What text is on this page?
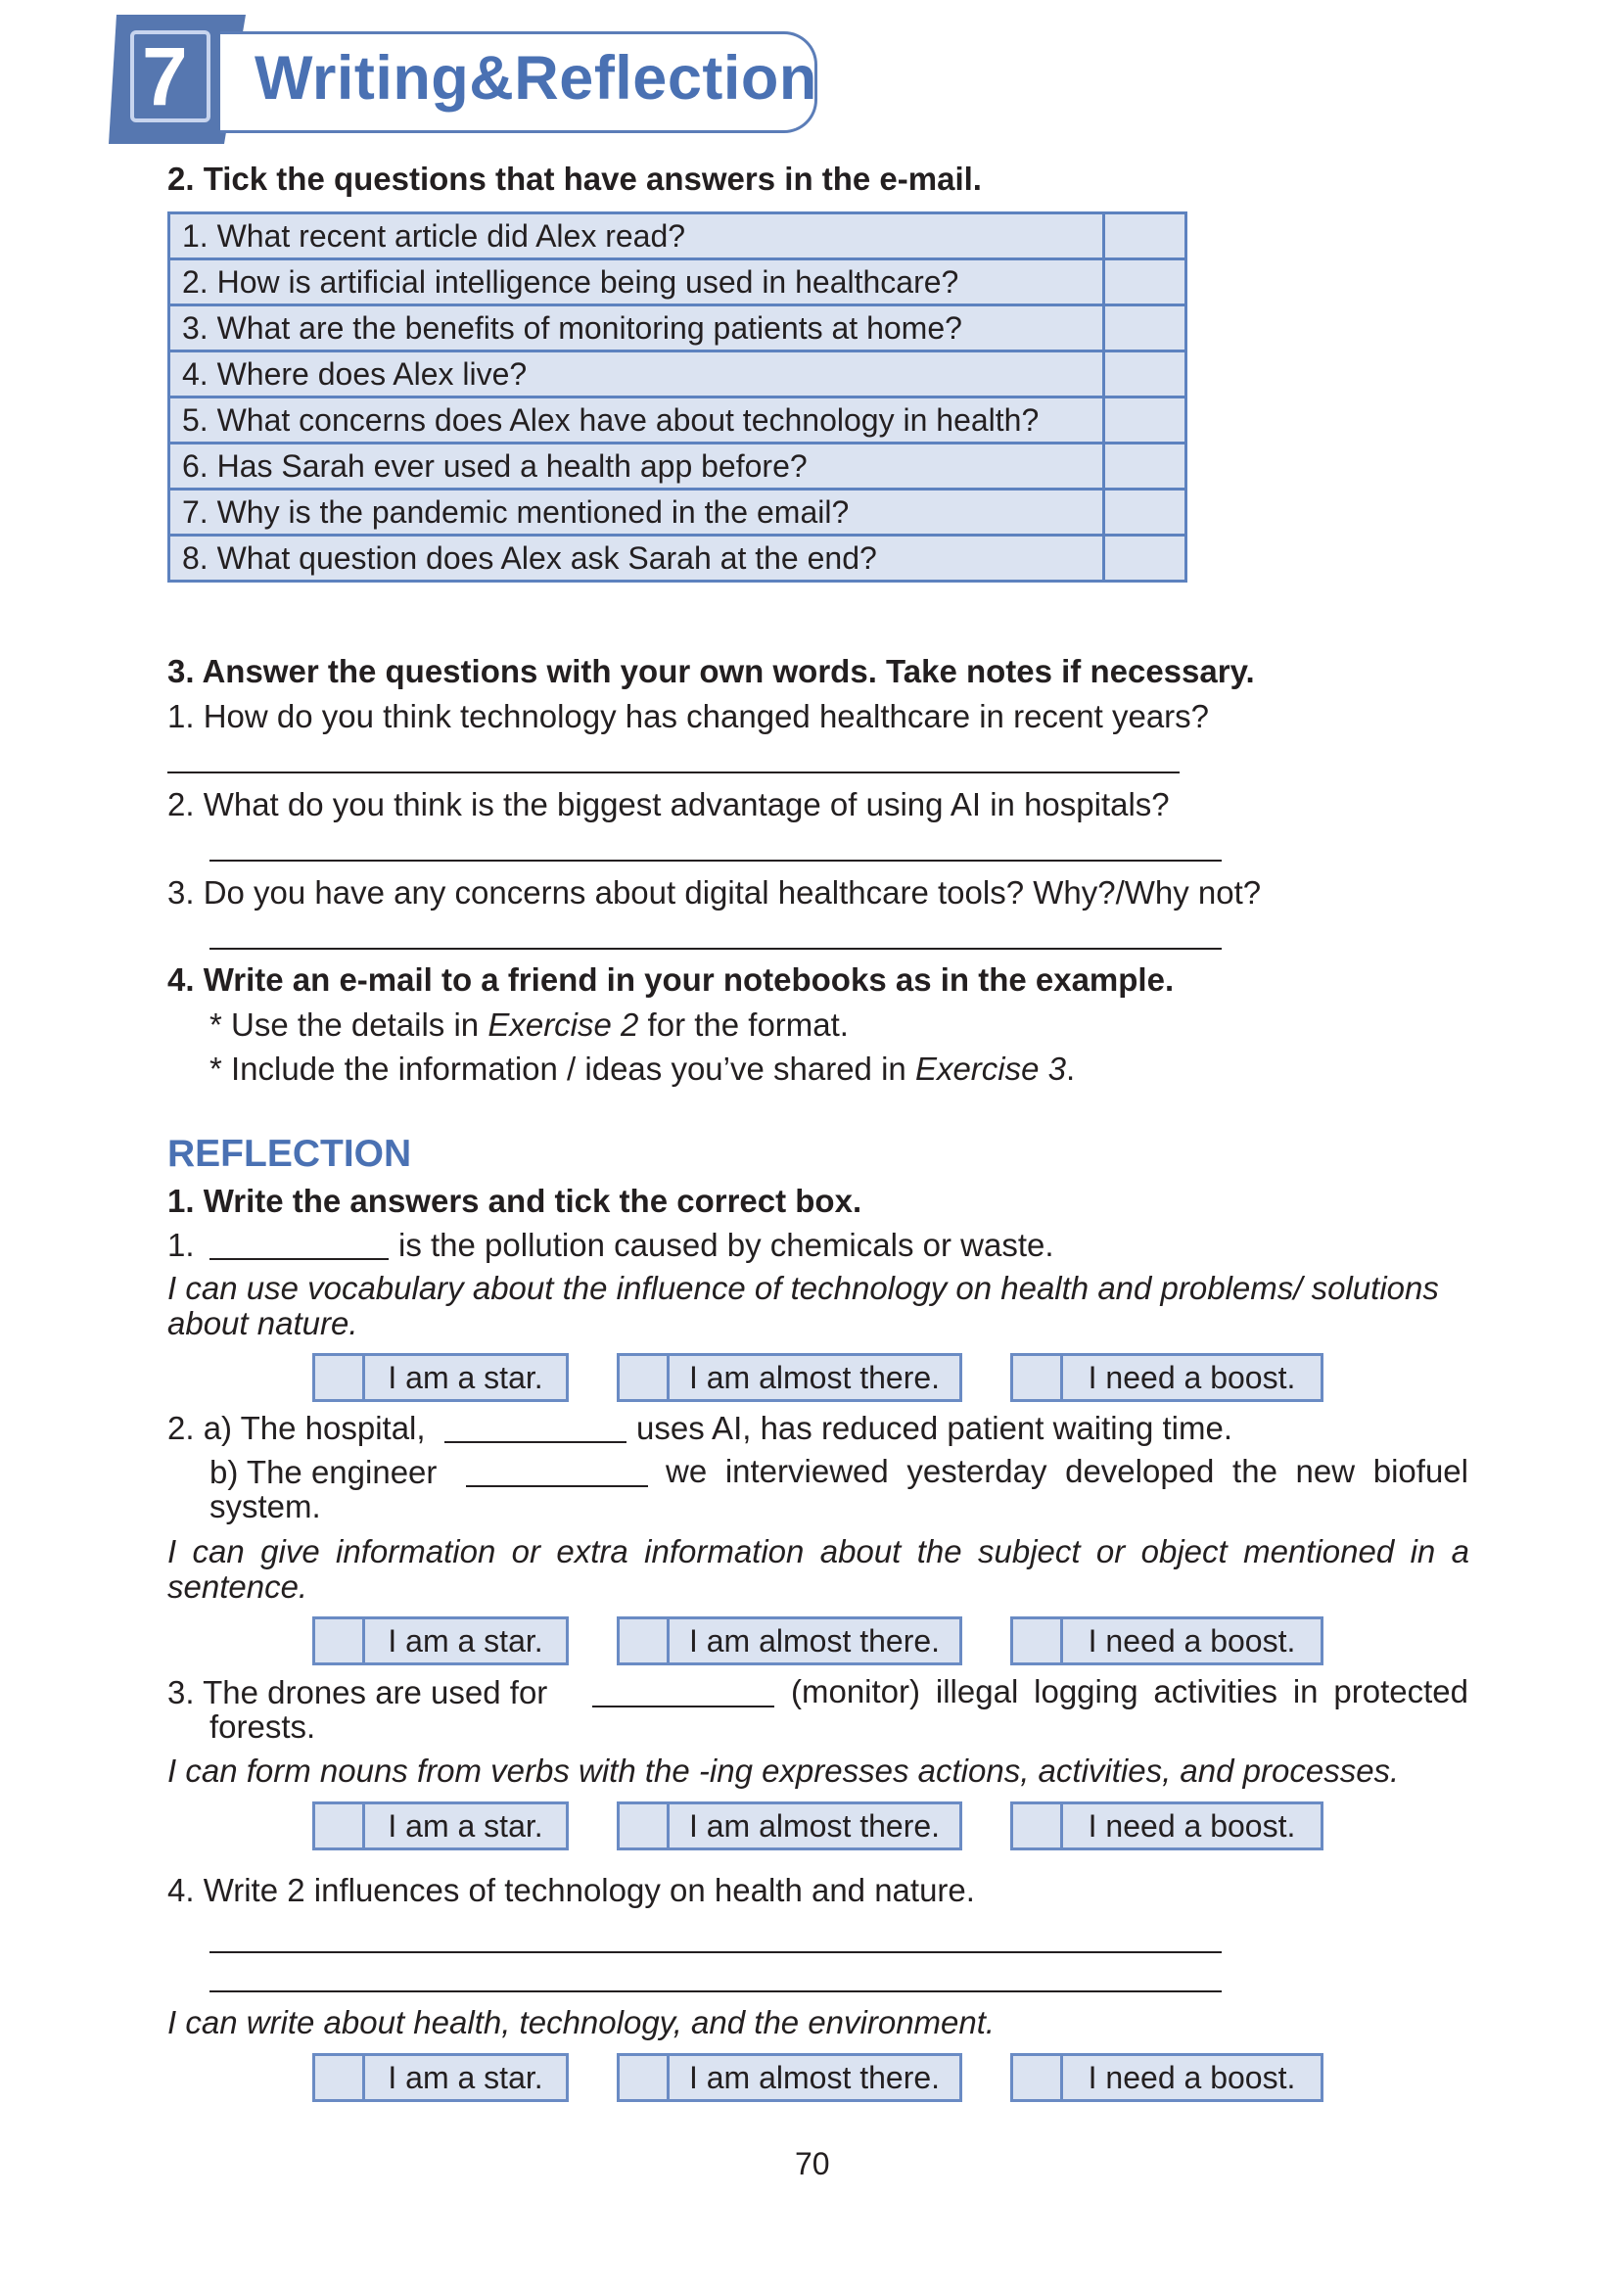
7 Writing&Reflection
2. Tick the questions that have answers in the e-mail.
1. What recent article did Alex read?	
2. How is artificial intelligence being used in healthcare?	
3. What are the benefits of monitoring patients at home?	
4. Where does Alex live?	
5. What concerns does Alex have about technology in health?	
6. Has Sarah ever used a health app before?	
7. Why is the pandemic mentioned in the email?	
8. What question does Alex ask Sarah at the end?	
3. Answer the questions with your own words. Take notes if necessary.
1. How do you think technology has changed healthcare in recent years?
2. What do you think is the biggest advantage of using AI in hospitals?
3. Do you have any concerns about digital healthcare tools? Why?/Why not?
4. Write an e-mail to a friend in your notebooks as in the example.
* Use the details in Exercise 2 for the format.
* Include the information / ideas you’ve shared in Exercise 3.
REFLECTION
1. Write the answers and tick the correct box.
1.	is the pollution caused by chemicals or waste.
I can use vocabulary about the influence of technology on health and problems/ solutions about nature.
I am a star.	I am almost there.	I need a boost.
2. a) The hospital,	uses AI, has reduced patient waiting time.
b) The engineer	we interviewed yesterday developed the new biofuel system.
I can give information or extra information about the subject or object mentioned in a sentence.
I am a star.	I am almost there.	I need a boost.
3. The drones are used for	(monitor) illegal logging activities in protected forests.
I can form nouns from verbs with the -ing expresses actions, activities, and processes.
I am a star.	I am almost there.	I need a boost.
4. Write 2 influences of technology on health and nature.
I can write about health, technology, and the environment.
I am a star.	I am almost there.	I need a boost.
70
